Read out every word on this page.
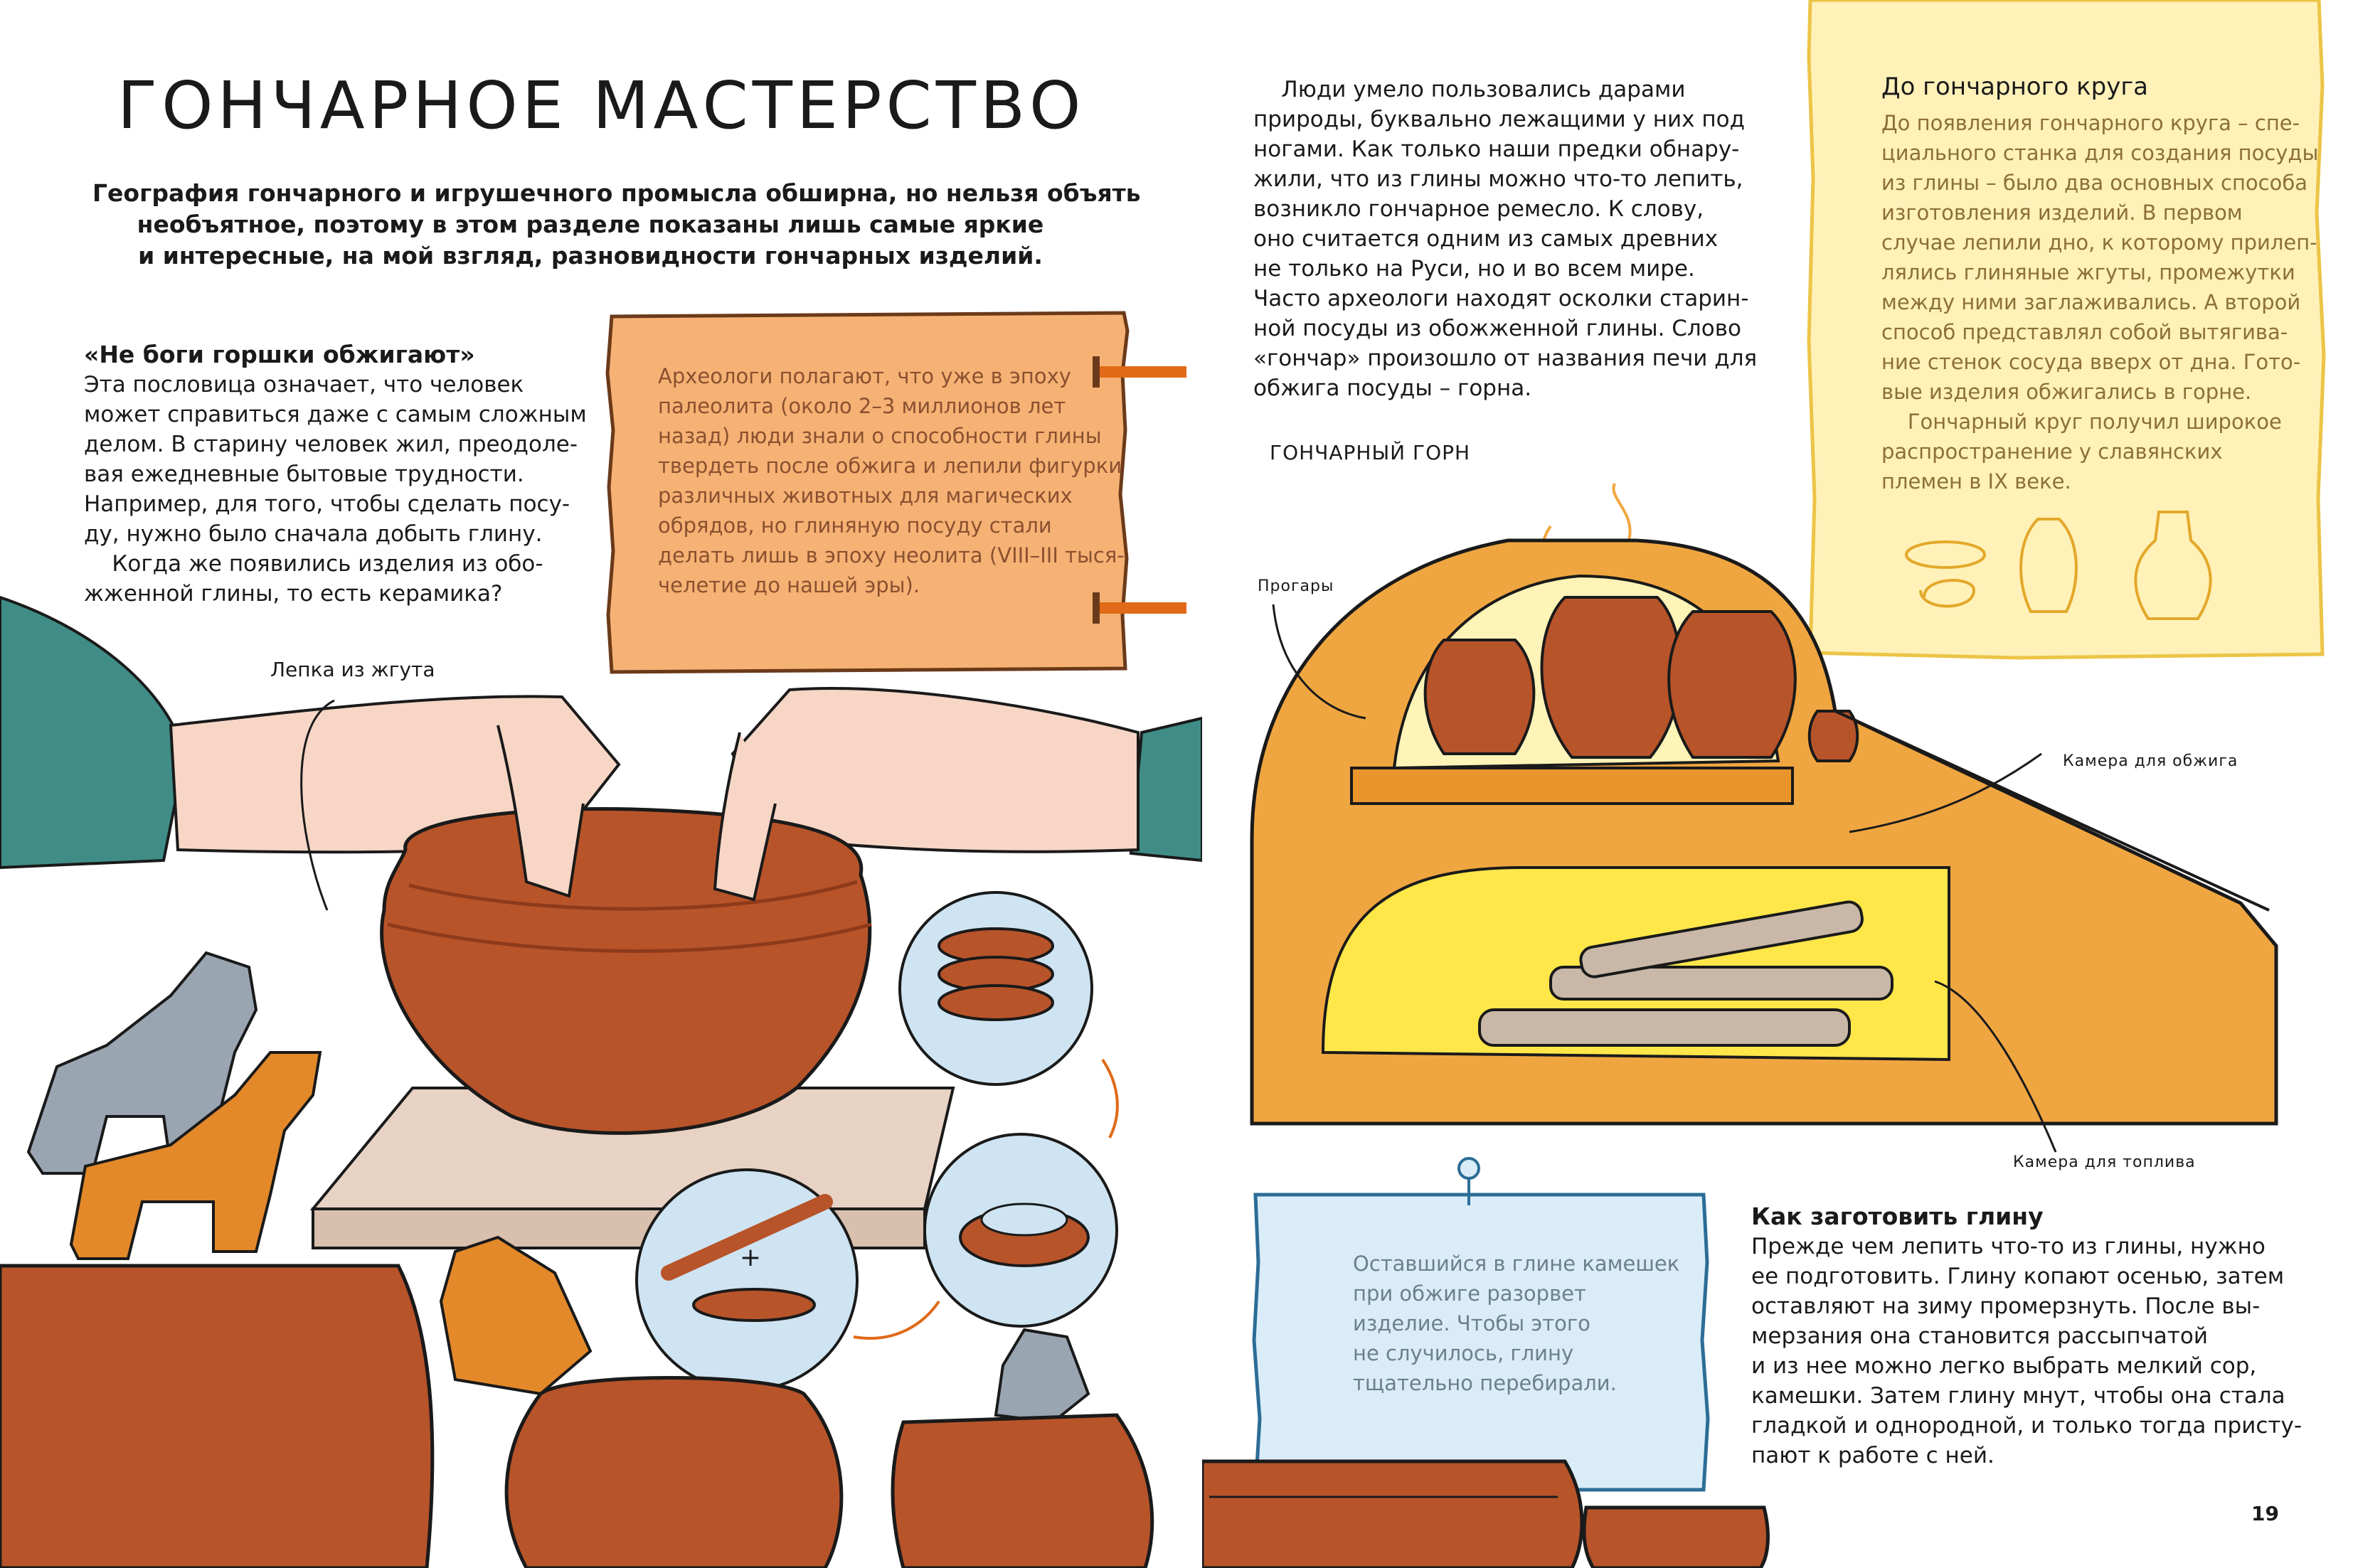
ГОНЧАРНОЕ МАСТЕРСТВО
География гончарного и игрушечного промысла обширна, но нельзя объять
необъятное, поэтому в этом разделе показаны лишь самые яркие
и интересные, на мой взгляд, разновидности гончарных изделий.
«Не боги горшки обжигают»
Эта пословица означает, что человек
может справиться даже с самым сложным
делом. В старину человек жил, преодоле-
вая ежедневные бытовые трудности.
Например, для того, чтобы сделать посу-
ду, нужно было сначала добыть глину.
Когда же появились изделия из обо-
жженной глины, то есть керамика?
Археологи полагают, что уже в эпоху
палеолита (около 2–3 миллионов лет
назад) люди знали о способности глины
твердеть после обжига и лепили фигурки
различных животных для магических
обрядов, но глиняную посуду стали
делать лишь в эпоху неолита (VIII–III тыся-
челетие до нашей эры).
Лепка из жгута
+
Люди умело пользовались дарами
природы, буквально лежащими у них под
ногами. Как только наши предки обнару-
жили, что из глины можно что-то лепить,
возникло гончарное ремесло. К слову,
оно считается одним из самых древних
не только на Руси, но и во всем мире.
Часто археологи находят осколки старин-
ной посуды из обожженной глины. Слово
«гончар» произошло от названия печи для
обжига посуды – горна.
ГОНЧАРНЫЙ ГОРН
До гончарного круга
До появления гончарного круга – спе-
циального станка для создания посуды
из глины – было два основных способа
изготовления изделий. В первом
случае лепили дно, к которому прилеп-
лялись глиняные жгуты, промежутки
между ними заглаживались. А второй
способ представлял собой вытягива-
ние стенок сосуда вверх от дна. Гото-
вые изделия обжигались в горне.
Гончарный круг получил широкое
распространение у славянских
племен в IX веке.
Прогары
Камера для обжига
Камера для топлива
Оставшийся в глине камешек
при обжиге разорвет
изделие. Чтобы этого
не случилось, глину
тщательно перебирали.
Как заготовить глину
Прежде чем лепить что-то из глины, нужно
ее подготовить. Глину копают осенью, затем
оставляют на зиму промерзнуть. После вы-
мерзания она становится рассыпчатой
и из нее можно легко выбрать мелкий сор,
камешки. Затем глину мнут, чтобы она стала
гладкой и однородной, и только тогда присту-
пают к работе с ней.
19
